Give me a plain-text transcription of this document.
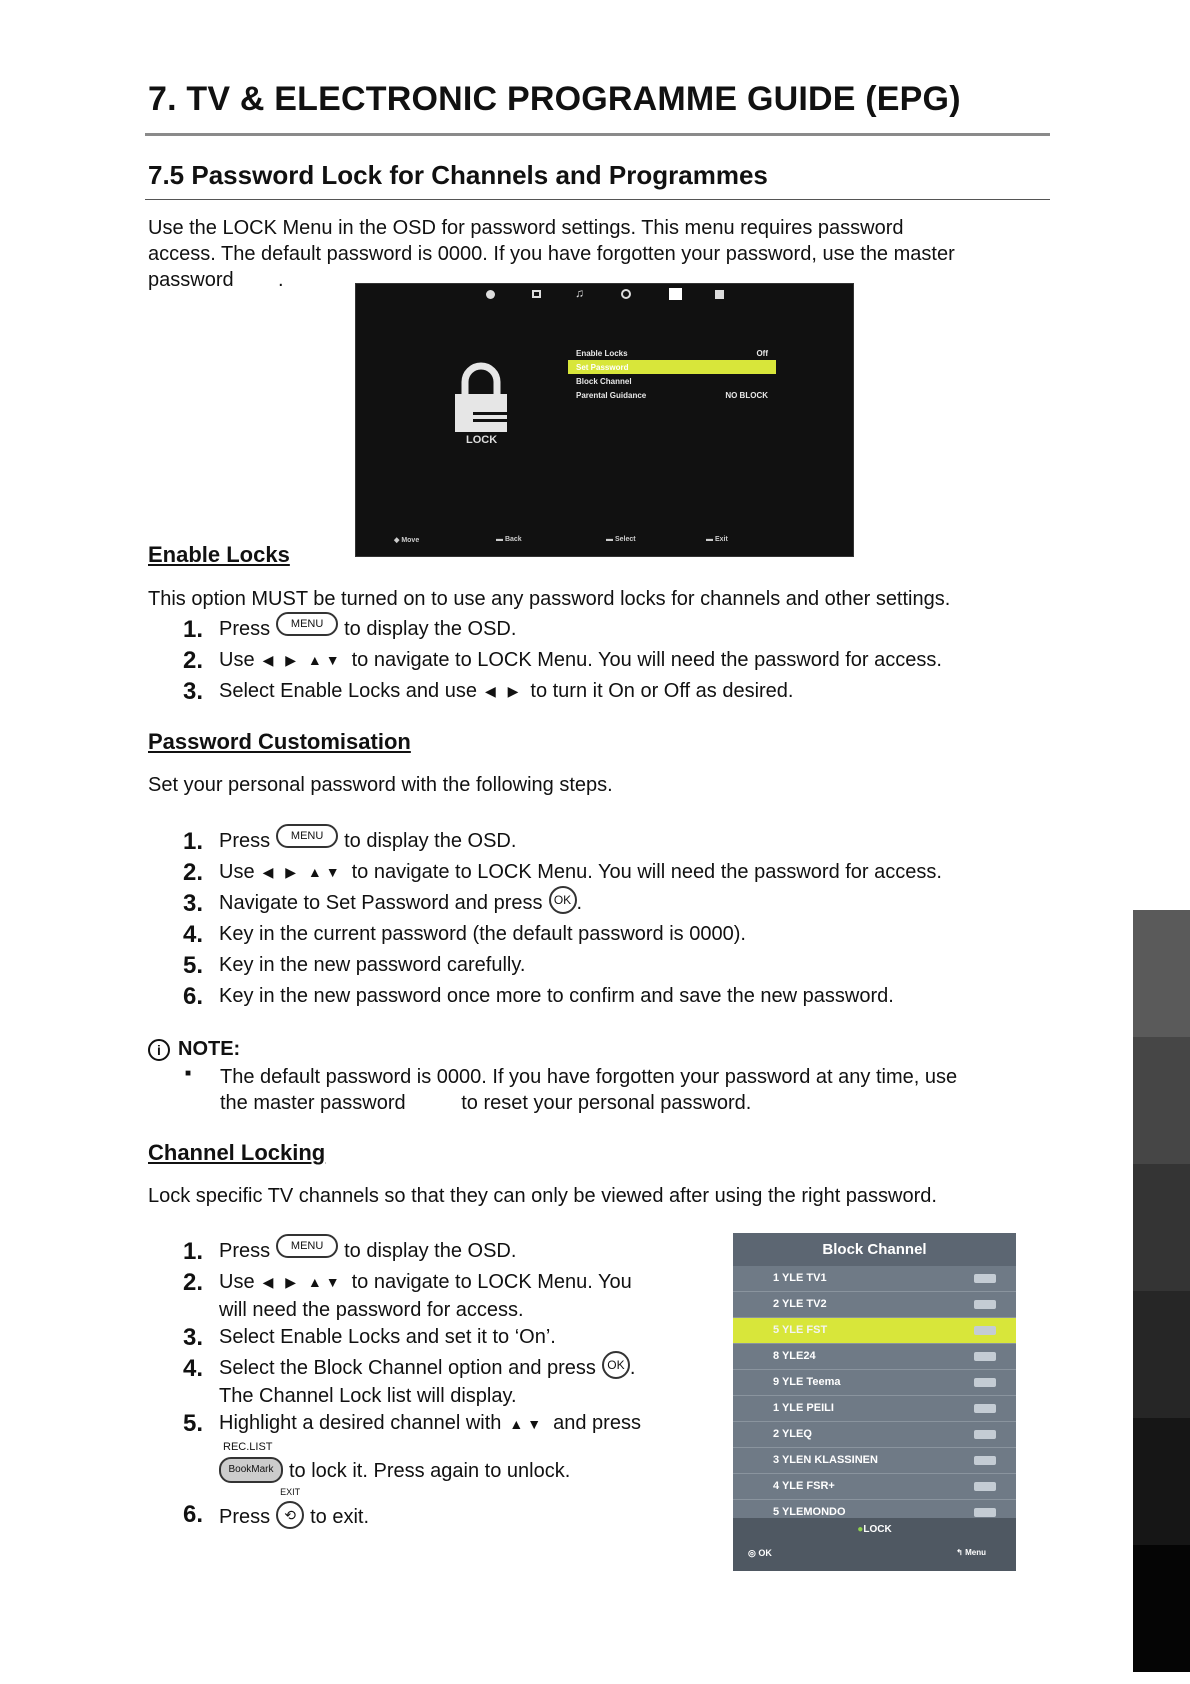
7. TV & ELECTRONIC PROGRAMME GUIDE (EPG)
7.5 Password Lock for Channels and Programmes
Use the LOCK Menu in the OSD for password settings. This menu requires password
access. The default password is 0000. If you have forgotten your password, use the master
password        .
♫
LOCK
Enable Locks	Off
Set Password
Block Channel
Parental Guidance	NO BLOCK
◆ Move	▬ Back	▬ Select	▬ Exit
Enable Locks
This option MUST be turned on to use any password locks for channels and other settings.
1. Press	MENU	to display the OSD.
2. Use ◀ ▶ ▲▼ to navigate to LOCK Menu. You will need the password for access.
3. Select Enable Locks and use ◀ ▶ to turn it On or Off as desired.
Password Customisation
Set your personal password with the following steps.
1. Press	MENU	to display the OSD.
2. Use ◀ ▶ ▲▼ to navigate to LOCK Menu. You will need the password for access.
3. Navigate to Set Password and press OK .
4. Key in the current password (the default password is 0000).
5. Key in the new password carefully.
6. Key in the new password once more to confirm and save the new password.
i NOTE:
■ The default password is 0000. If you have forgotten your password at any time, use
the master password          to reset your personal password.
Channel Locking
Lock specific TV channels so that they can only be viewed after using the right password.
1. Press	MENU	to display the OSD.
2. Use ◀ ▶ ▲▼ to navigate to LOCK Menu. You
will need the password for access.
3. Select Enable Locks and set it to ‘On’.
4. Select the Block Channel option and press OK .
The Channel Lock list will display.
5. Highlight a desired channel with ▲▼ and press
REC.LIST
BookMark to lock it. Press again to unlock.
6. Press
EXIT
⟲ to exit.
Block Channel
1 YLE TV1
2 YLE TV2
5 YLE FST
8 YLE24
9 YLE Teema
1 YLE PEILI
2 YLEQ
3 YLEN KLASSINEN
4 YLE FSR+
5 YLEMONDO
●LOCK
◎ OK	↰ Menu
